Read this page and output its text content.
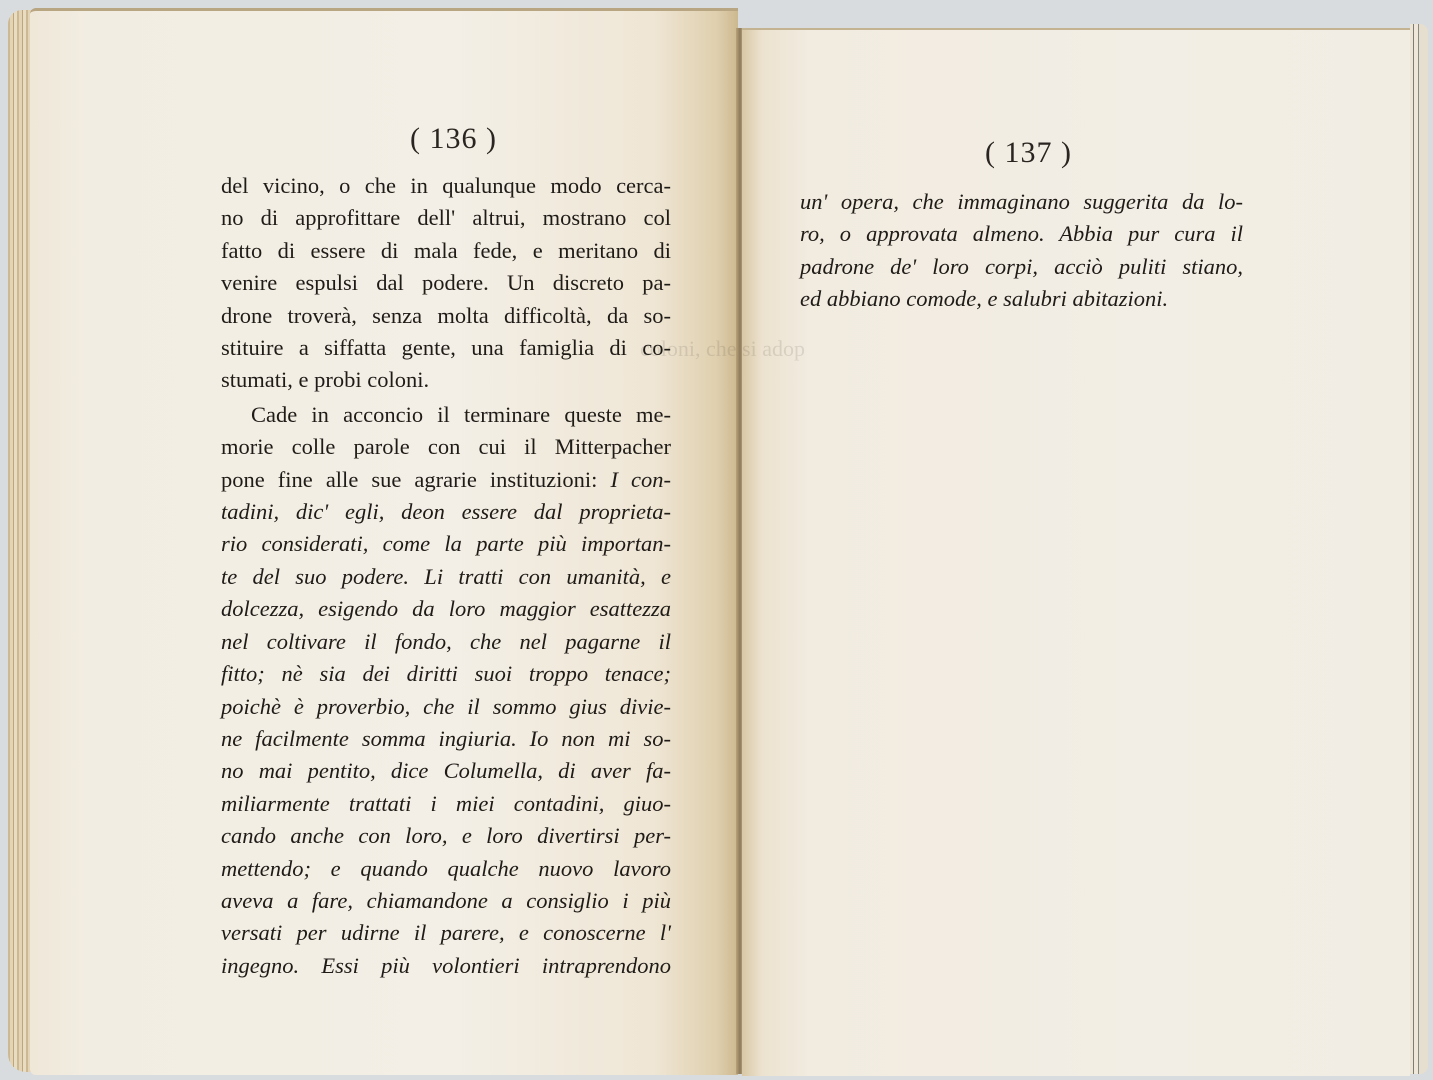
( 136 )
coloni, che si adop
del vicino, o che in qualunque modo cerca-
no di approfittare dell' altrui, mostrano col
fatto di essere di mala fede, e meritano di
venire espulsi dal podere. Un discreto pa-
drone troverà, senza molta difficoltà, da so-
stituire a siffatta gente, una famiglia di co-
stumati, e probi coloni.
Cade in acconcio il terminare queste me-
morie colle parole con cui il Mitterpacher
pone fine alle sue agrarie instituzioni: I con-
tadini, dic' egli, deon essere dal proprieta-
rio considerati, come la parte più importan-
te del suo podere. Li tratti con umanità, e
dolcezza, esigendo da loro maggior esattezza
nel coltivare il fondo, che nel pagarne il
fitto; nè sia dei diritti suoi troppo tenace;
poichè è proverbio, che il sommo gius divie-
ne facilmente somma ingiuria. Io non mi so-
no mai pentito, dice Columella, di aver fa-
miliarmente trattati i miei contadini, giuo-
cando anche con loro, e loro divertirsi per-
mettendo; e quando qualche nuovo lavoro
aveva a fare, chiamandone a consiglio i più
versati per udirne il parere, e conoscerne l'
ingegno. Essi più volontieri intraprendono
( 137 )
un' opera, che immaginano suggerita da lo-
ro, o approvata almeno. Abbia pur cura il
padrone de' loro corpi, acciò puliti stiano,
ed abbiano comode, e salubri abitazioni.
